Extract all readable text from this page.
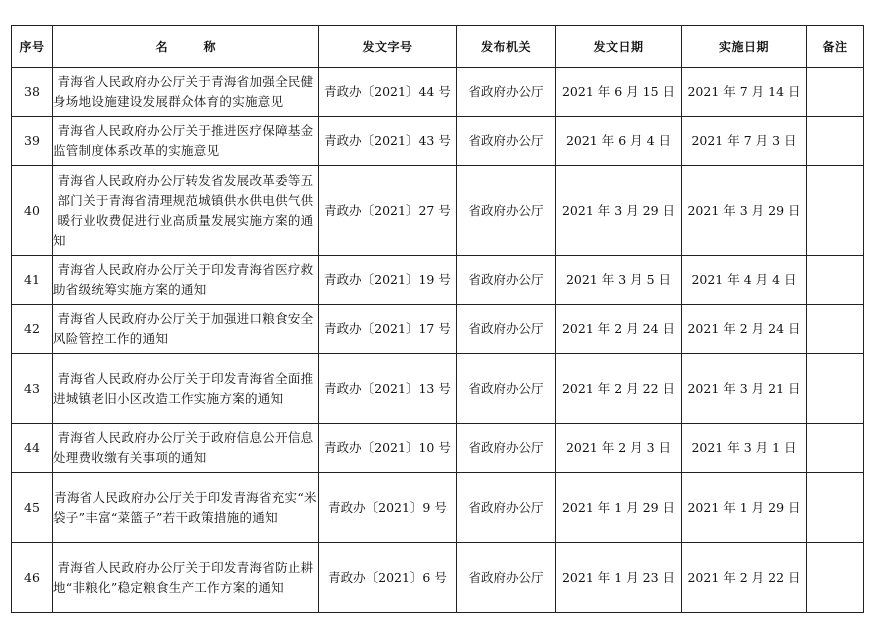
序号	名 称	发文字号	发布机关	发文日期	实施日期	备注
38	青海省人民政府办公厅关于青海省加强全民健身场地设施建设发展群众体育的实施意见	青政办〔2021〕44 号	省政府办公厅	2021 年 6 月 15 日	2021 年 7 月 14 日	
39	青海省人民政府办公厅关于推进医疗保障基金监管制度体系改革的实施意见	青政办〔2021〕43 号	省政府办公厅	2021 年 6 月 4 日	2021 年 7 月 3 日	
40	青海省人民政府办公厅转发省发展改革委等五部门关于青海省清理规范城镇供水供电供气供暖行业收费促进行业高质量发展实施方案的通知	青政办〔2021〕27 号	省政府办公厅	2021 年 3 月 29 日	2021 年 3 月 29 日	
41	青海省人民政府办公厅关于印发青海省医疗救助省级统筹实施方案的通知	青政办〔2021〕19 号	省政府办公厅	2021 年 3 月 5 日	2021 年 4 月 4 日	
42	青海省人民政府办公厅关于加强进口粮食安全风险管控工作的通知	青政办〔2021〕17 号	省政府办公厅	2021 年 2 月 24 日	2021 年 2 月 24 日	
43	青海省人民政府办公厅关于印发青海省全面推进城镇老旧小区改造工作实施方案的通知	青政办〔2021〕13 号	省政府办公厅	2021 年 2 月 22 日	2021 年 3 月 21 日	
44	青海省人民政府办公厅关于政府信息公开信息处理费收缴有关事项的通知	青政办〔2021〕10 号	省政府办公厅	2021 年 2 月 3 日	2021 年 3 月 1 日	
45	青海省人民政府办公厅关于印发青海省充实“米袋子”丰富“菜篮子”若干政策措施的通知	青政办〔2021〕9 号	省政府办公厅	2021 年 1 月 29 日	2021 年 1 月 29 日	
46	青海省人民政府办公厅关于印发青海省防止耕地“非粮化”稳定粮食生产工作方案的通知	青政办〔2021〕6 号	省政府办公厅	2021 年 1 月 23 日	2021 年 2 月 22 日	
